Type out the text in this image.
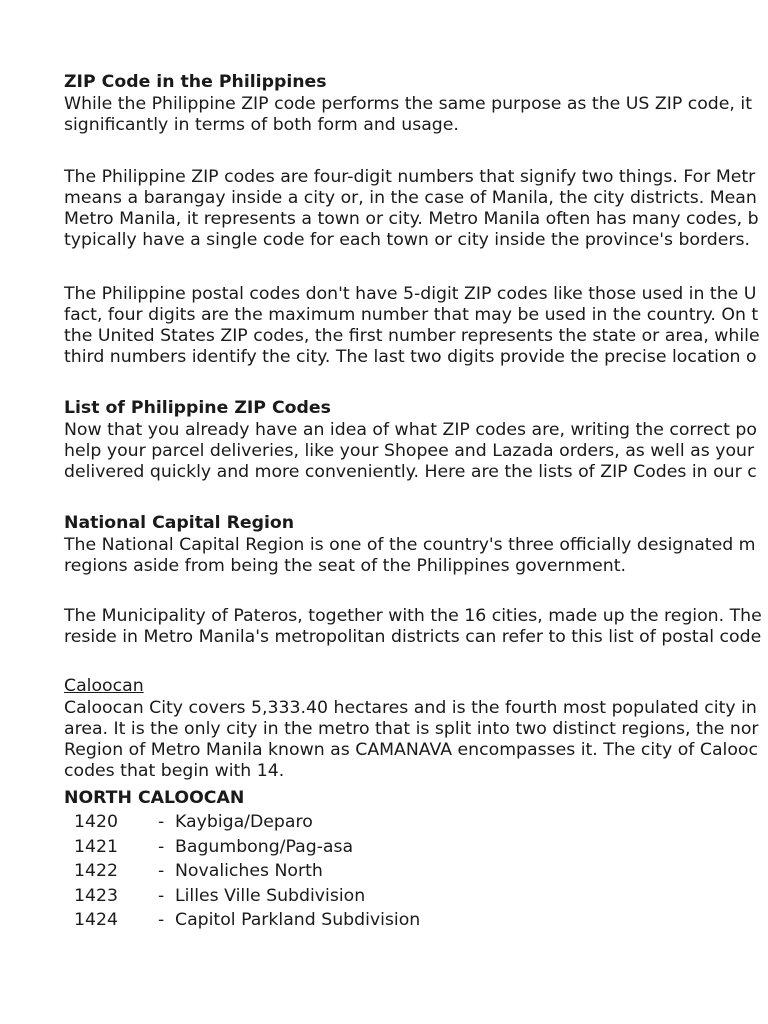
ZIP Code in the Philippines
While the Philippine ZIP code performs the same purpose as the US ZIP code, it
significantly in terms of both form and usage.
The Philippine ZIP codes are four-digit numbers that signify two things. For Metr
means a barangay inside a city or, in the case of Manila, the city districts. Mean
Metro Manila, it represents a town or city. Metro Manila often has many codes, b
typically have a single code for each town or city inside the province's borders.
The Philippine postal codes don't have 5-digit ZIP codes like those used in the U
fact, four digits are the maximum number that may be used in the country. On t
the United States ZIP codes, the first number represents the state or area, while
third numbers identify the city. The last two digits provide the precise location o
List of Philippine ZIP Codes
Now that you already have an idea of what ZIP codes are, writing the correct po
help your parcel deliveries, like your Shopee and Lazada orders, as well as your
delivered quickly and more conveniently. Here are the lists of ZIP Codes in our c
National Capital Region
The National Capital Region is one of the country's three officially designated m
regions aside from being the seat of the Philippines government.
The Municipality of Pateros, together with the 16 cities, made up the region. The
reside in Metro Manila's metropolitan districts can refer to this list of postal code
Caloocan
Caloocan City covers 5,333.40 hectares and is the fourth most populated city in
area. It is the only city in the metro that is split into two distinct regions, the nor
Region of Metro Manila known as CAMANAVA encompasses it. The city of Calooc
codes that begin with 14.
NORTH CALOOCAN
1420	- Kaybiga/Deparo
1421	- Bagumbong/Pag-asa
1422	- Novaliches North
1423	- Lilles Ville Subdivision
1424	- Capitol Parkland Subdivision
